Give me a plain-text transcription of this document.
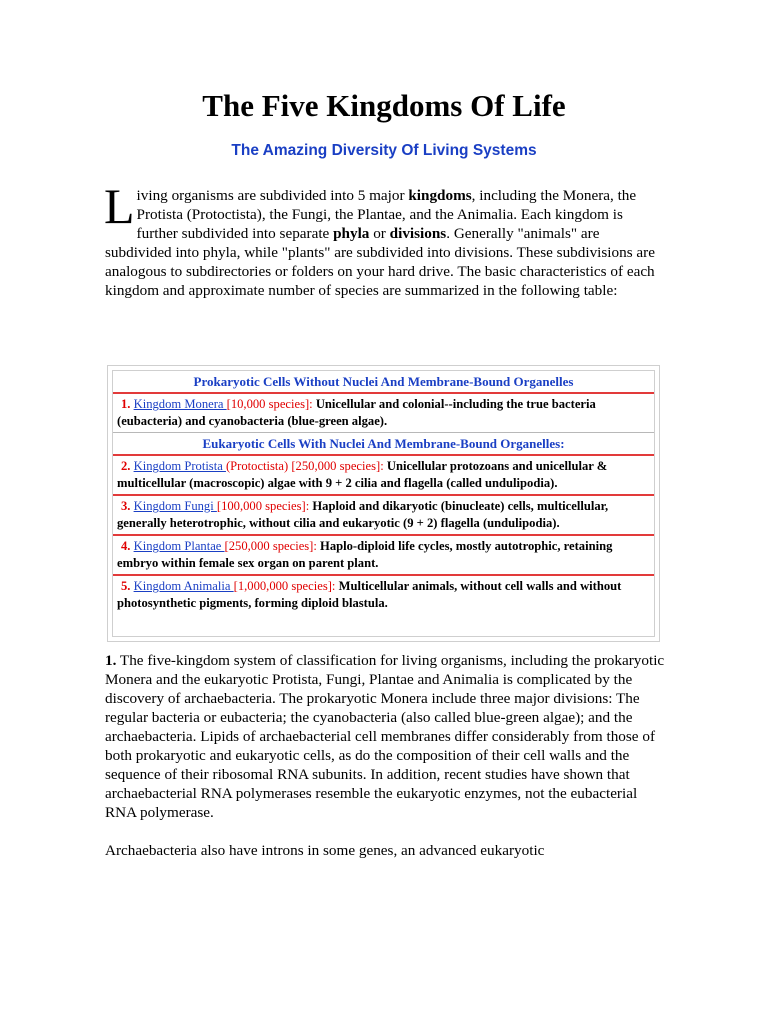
The Five Kingdoms Of Life
The Amazing Diversity Of Living Systems
L iving organisms are subdivided into 5 major kingdoms, including the Monera, the Protista (Protoctista), the Fungi, the Plantae, and the Animalia. Each kingdom is further subdivided into separate phyla or divisions. Generally "animals" are subdivided into phyla, while "plants" are subdivided into divisions. These subdivisions are analogous to subdirectories or folders on your hard drive. The basic characteristics of each kingdom and approximate number of species are summarized in the following table:

Prokaryotic Cells Without Nuclei And Membrane-Bound Organelles
1. Kingdom Monera [10,000 species]: Unicellular and colonial--including the true bacteria (eubacteria) and cyanobacteria (blue-green algae).
Eukaryotic Cells With Nuclei And Membrane-Bound Organelles:
2. Kingdom Protista (Protoctista) [250,000 species]: Unicellular protozoans and unicellular & multicellular (macroscopic) algae with 9 + 2 cilia and flagella (called undulipodia).
3. Kingdom Fungi [100,000 species]: Haploid and dikaryotic (binucleate) cells, multicellular, generally heterotrophic, without cilia and eukaryotic (9 + 2) flagella (undulipodia).
4. Kingdom Plantae [250,000 species]: Haplo-diploid life cycles, mostly autotrophic, retaining embryo within female sex organ on parent plant.
5. Kingdom Animalia [1,000,000 species]: Multicellular animals, without cell walls and without photosynthetic pigments, forming diploid blastula.

1. The five-kingdom system of classification for living organisms, including the prokaryotic Monera and the eukaryotic Protista, Fungi, Plantae and Animalia is complicated by the discovery of archaebacteria. The prokaryotic Monera include three major divisions: The regular bacteria or eubacteria; the cyanobacteria (also called blue-green algae); and the archaebacteria. Lipids of archaebacterial cell membranes differ considerably from those of both prokaryotic and eukaryotic cells, as do the composition of their cell walls and the sequence of their ribosomal RNA subunits. In addition, recent studies have shown that archaebacterial RNA polymerases resemble the eukaryotic enzymes, not the eubacterial RNA polymerase.

Archaebacteria also have introns in some genes, an advanced eukaryotic
